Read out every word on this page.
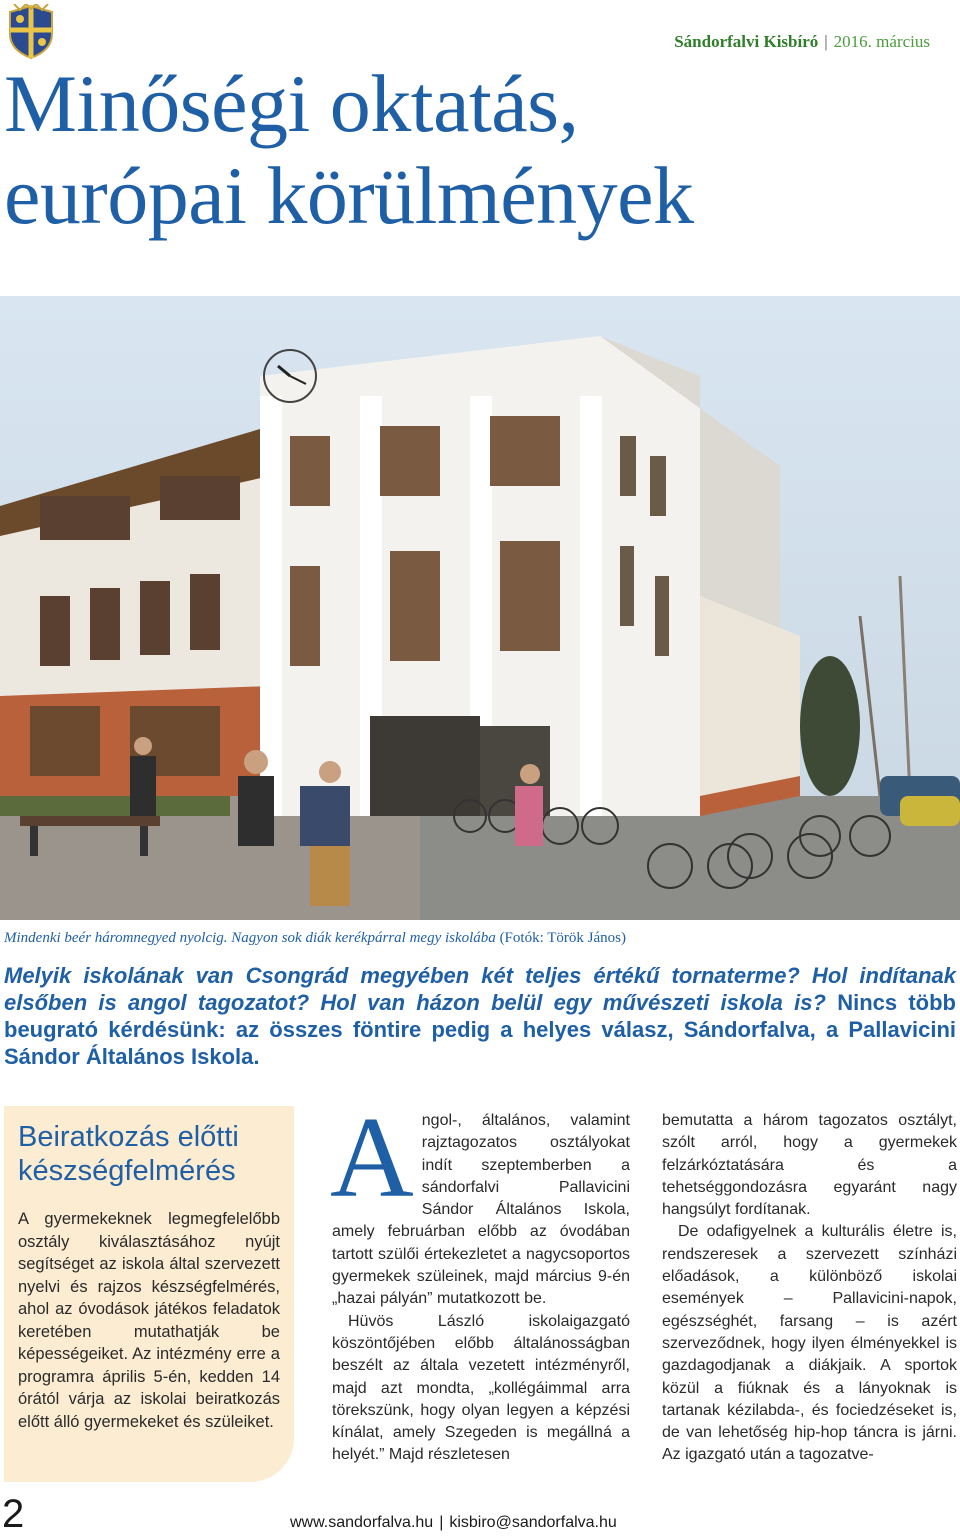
Sándorfalvi Kisbíró | 2016. március
Minőségi oktatás,
európai körülmények
Mindenki beér háromnegyed nyolcig. Nagyon sok diák kerékpárral megy iskolába (Fotók: Török János)

Melyik iskolának van Csongrád megyében két teljes értékű tornaterme? Hol indítanak elsőben is angol tagozatot? Hol van házon belül egy művészeti iskola is? Nincs több beugrató kérdésünk: az összes föntire pedig a helyes válasz, Sándorfalva, a Pallavicini Sándor Általános Iskola.

Beiratkozás előtti készségfelmérés

A gyermekeknek legmegfelelőbb osztály kiválasztásához nyújt segítséget az iskola által szervezett nyelvi és rajzos készségfelmérés, ahol az óvodások játékos feladatok keretében mutathatják be képességeiket. Az intézmény erre a programra április 5-én, kedden 14 órától várja az iskolai beiratkozás előtt álló gyermekeket és szüleiket.

A ngol-, általános, valamint rajztagozatos osztályokat indít szeptemberben a sándorfalvi Pallavicini Sándor Általános Iskola, amely februárban előbb az óvodában tartott szülői értekezletet a nagycsoportos gyermekek szüleinek, majd március 9-én „hazai pályán” mutatkozott be.

Hüvös László iskolaigazgató köszöntőjében előbb általánosságban beszélt az általa vezetett intézményről, majd azt mondta, „kollégáimmal arra törekszünk, hogy olyan legyen a képzési kínálat, amely Szegeden is megállná a helyét.” Majd részletesen

bemutatta a három tagozatos osztályt, szólt arról, hogy a gyermekek felzárkóztatására és a tehetséggondozásra egyaránt nagy hangsúlyt fordítanak.

De odafigyelnek a kulturális életre is, rendszeresek a szervezett színházi előadások, a különböző iskolai események – Pallavicini-napok, egészséghét, farsang – is azért szerveződnek, hogy ilyen élményekkel is gazdagodjanak a diákjaik. A sportok közül a fiúknak és a lányoknak is tartanak kézilabda-, és fociedzéseket is, de van lehetőség hip-hop táncra is járni. Az igazgató után a tagozatve-

2	www.sandorfalva.hu | kisbiro@sandorfalva.hu
